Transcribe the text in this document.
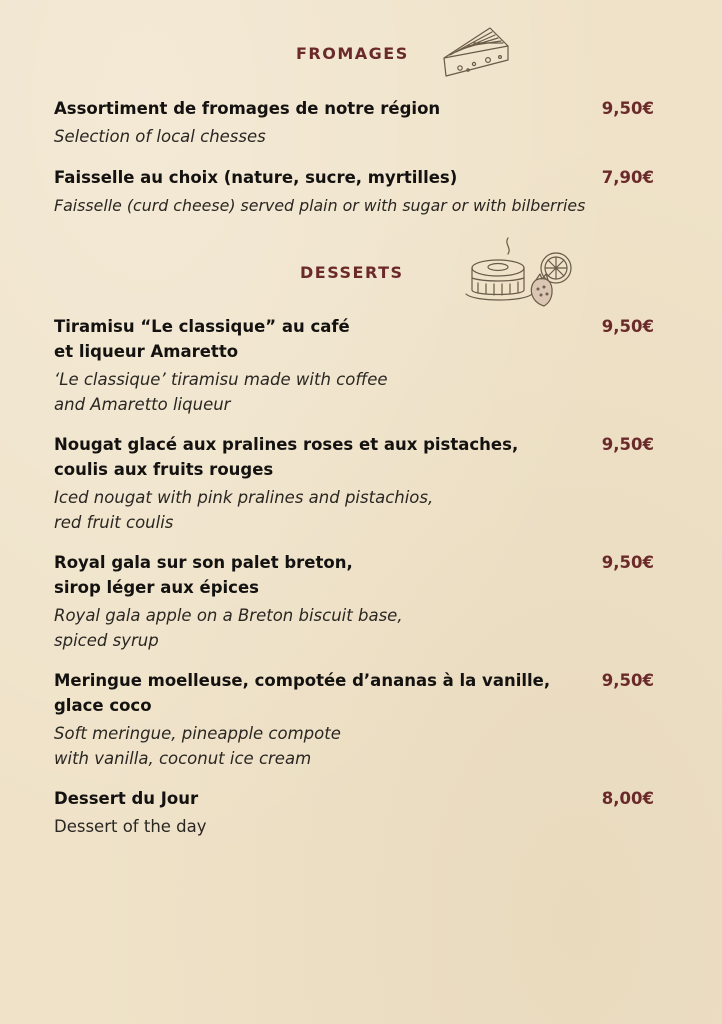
FROMAGES
Assortiment de fromages de notre région
Selection of local chesses
9,50€
Faisselle au choix (nature, sucre, myrtilles)
Faisselle (curd cheese) served plain or with sugar or with bilberries
7,90€
DESSERTS
Tiramisu “Le classique” au café
et liqueur Amaretto
‘Le classique’ tiramisu made with coffee
and Amaretto liqueur
9,50€
Nougat glacé aux pralines roses et aux pistaches,
coulis aux fruits rouges
Iced nougat with pink pralines and pistachios,
red fruit coulis
9,50€
Royal gala sur son palet breton,
sirop léger aux épices
Royal gala apple on a Breton biscuit base,
spiced syrup
9,50€
Meringue moelleuse, compotée d’ananas à la vanille,
glace coco
Soft meringue, pineapple compote
with vanilla, coconut ice cream
9,50€
Dessert du Jour
Dessert of the day
8,00€
